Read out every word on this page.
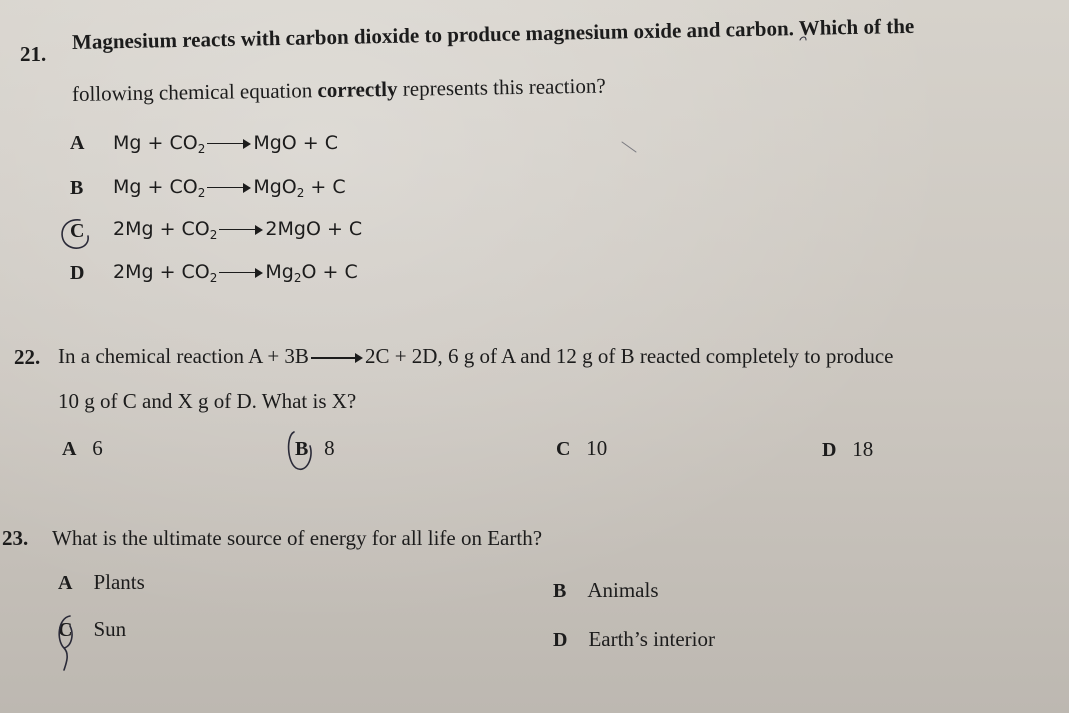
21.
Magnesium reacts with carbon dioxide to produce magnesium oxide and carbon. Which of the
following chemical equation correctly represents this reaction?
A $Mg + CO_2$	MgO + C
B $Mg + CO_2$	MgO$_2$ + C
C $2Mg + CO_2$	2MgO + C
D $2Mg + CO_2$	$Mg_2O + C$
22. In a chemical reaction A + 3B	2C + 2D, 6 g of A and 12 g of B reacted completely to produce
10 g of C and X g of D. What is X?
A 6	B 8	C 10	D 18
23. What is the ultimate source of energy for all life on Earth?
A Plants	B Animals
C Sun	D Earth’s interior
